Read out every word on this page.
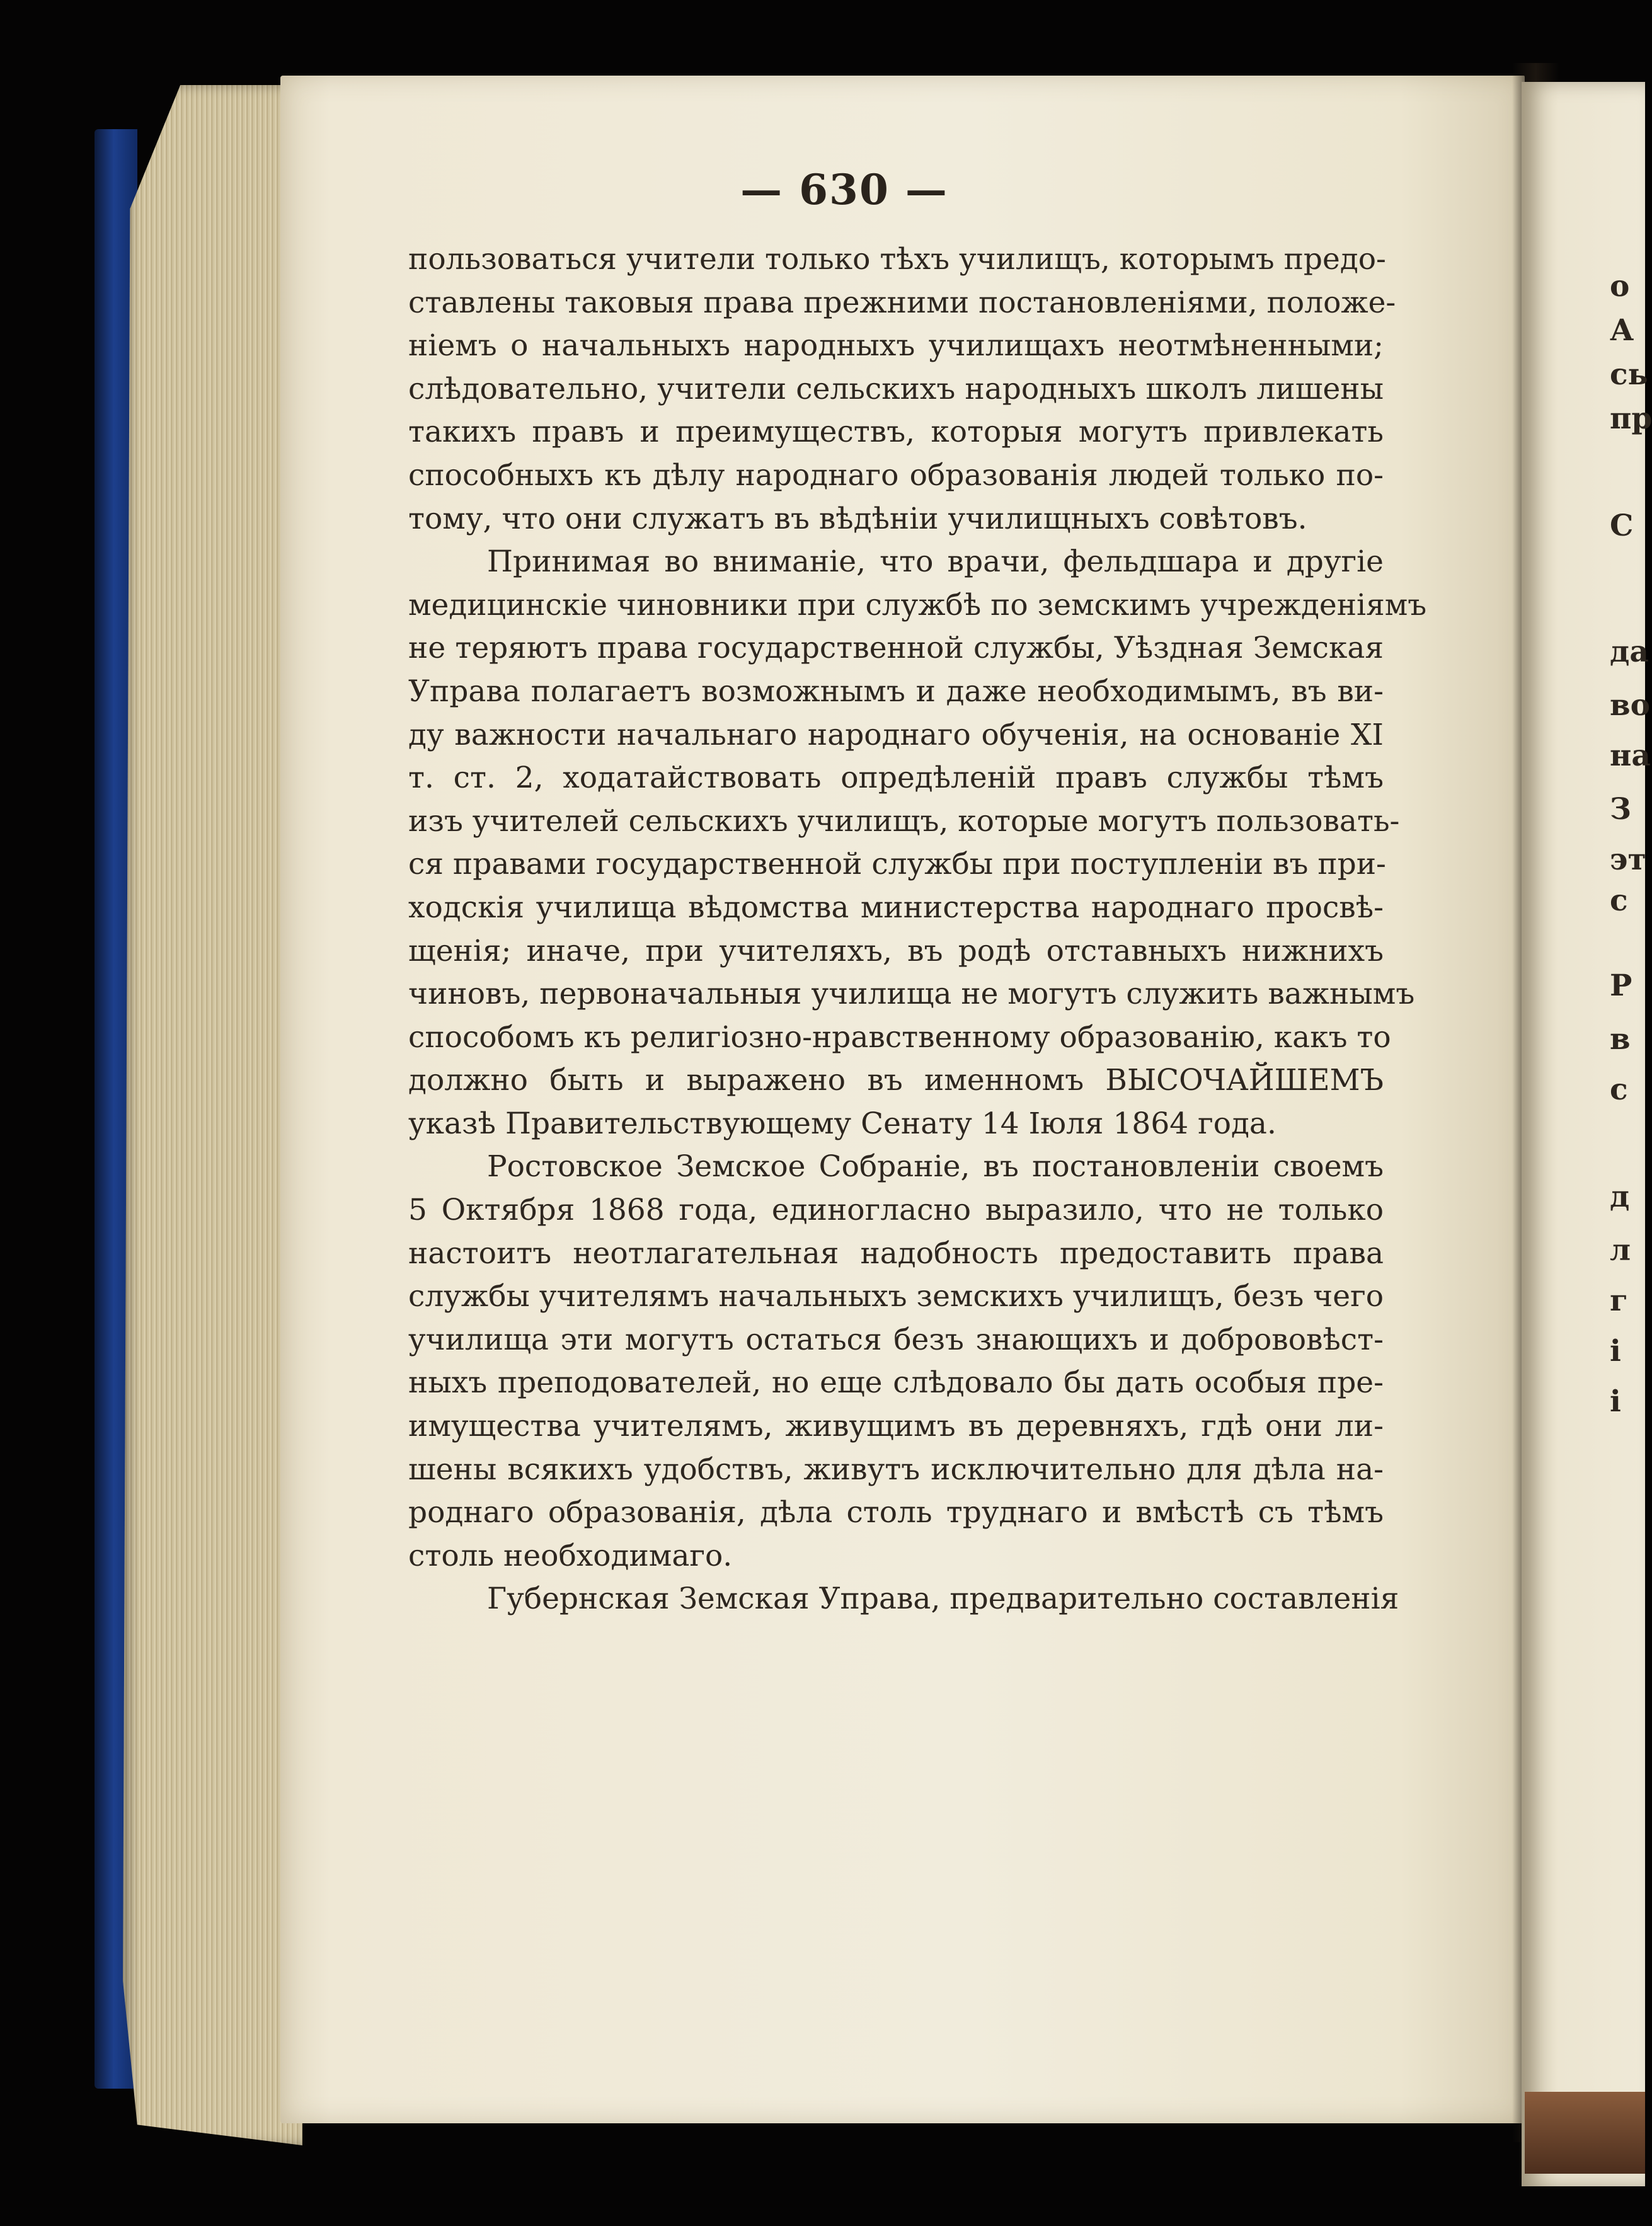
— 630 —
пользоваться учители только тѣхъ училищъ, которымъ предо-
ставлены таковыя права прежними постановленіями, положе-
ніемъ о начальныхъ народныхъ училищахъ неотмѣненными;
слѣдовательно, учители сельскихъ народныхъ школъ лишены
такихъ правъ и преимуществъ, которыя могутъ привлекать
способныхъ къ дѣлу народнаго образованія людей только по-
тому, что они служатъ въ вѣдѣніи училищныхъ совѣтовъ.
Принимая во вниманіе, что врачи, фельдшара и другіе
медицинскіе чиновники при службѣ по земскимъ учрежденіямъ
не теряютъ права государственной службы, Уѣздная Земская
Управа полагаетъ возможнымъ и даже необходимымъ, въ ви-
ду важности начальнаго народнаго обученія, на основаніе XI
т. ст. 2, ходатайствовать опредѣленій правъ службы тѣмъ
изъ учителей сельскихъ училищъ, которые могутъ пользовать-
ся правами государственной службы при поступленіи въ при-
ходскія училища вѣдомства министерства народнаго просвѣ-
щенія; иначе, при учителяхъ, въ родѣ отставныхъ нижнихъ
чиновъ, первоначальныя училища не могутъ служить важнымъ
способомъ къ религіозно-нравственному образованію, какъ то
должно быть и выражено въ именномъ ВЫСОЧАЙШЕМЪ
указѣ Правительствующему Сенату 14 Іюля 1864 года.
Ростовское Земское Собраніе, въ постановленіи своемъ
5 Октября 1868 года, единогласно выразило, что не только
настоитъ неотлагательная надобность предоставить права
службы учителямъ начальныхъ земскихъ училищъ, безъ чего
училища эти могутъ остаться безъ знающихъ и добрововѣст-
ныхъ преподователей, но еще слѣдовало бы дать особыя пре-
имущества учителямъ, живущимъ въ деревняхъ, гдѣ они ли-
шены всякихъ удобствъ, живутъ исключительно для дѣла на-
роднаго образованія, дѣла столь труднаго и вмѣстѣ съ тѣмъ
столь необходимаго.
Губернская Земская Управа, предварительно составленія
о
А
сь
пр
С
да
во
на
З
эт
с
Р
в
с
д
л
г
і
і
